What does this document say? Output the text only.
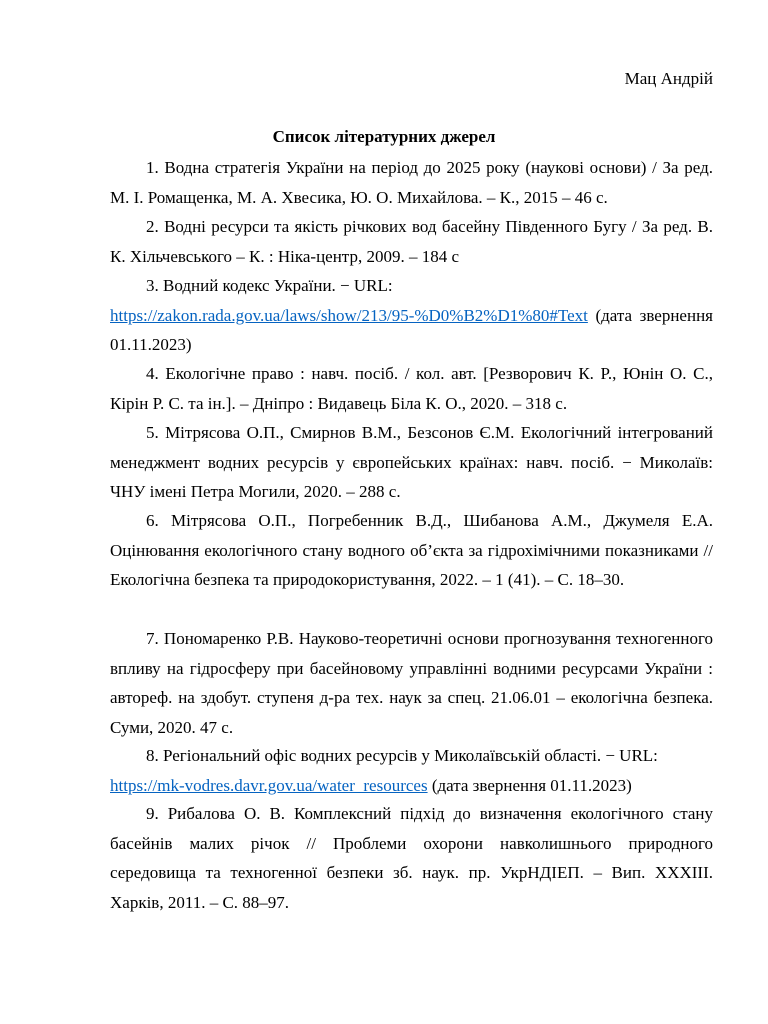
Мац Андрій
Список літературних джерел
1. Водна стратегія України на період до 2025 року (наукові основи) / За ред. М. І. Ромащенка, М. А. Хвесика, Ю. О. Михайлова. – К., 2015 – 46 с.
2. Водні ресурси та якість річкових вод басейну Південного Бугу / За ред. В. К. Хільчевського – К. : Ніка-центр, 2009. – 184 с
3. Водний кодекс України. − URL:
https://zakon.rada.gov.ua/laws/show/213/95-%D0%B2%D1%80#Text (дата звернення 01.11.2023)
4. Екологічне право : навч. посіб. / кол. авт. [Резворович К. Р., Юнін О. С., Кірін Р. С. та ін.]. – Дніпро : Видавець Біла К. О., 2020. – 318 с.
5. Мітрясова О.П., Смирнов В.М., Безсонов Є.М. Екологічний інтегрований менеджмент водних ресурсів у європейських країнах: навч. посіб. − Миколаїв: ЧНУ імені Петра Могили, 2020. – 288 с.
6. Мітрясова О.П., Погребенник В.Д., Шибанова А.М., Джумеля Е.А. Оцінювання екологічного стану водного об’єкта за гідрохімічними показниками // Екологічна безпека та природокористування, 2022. – 1 (41). – С. 18–30.
7. Пономаренко Р.В. Науково-теоретичні основи прогнозування техногенного впливу на гідросферу при басейновому управлінні водними ресурсами України : автореф. на здобут. ступеня д-ра тех. наук за спец. 21.06.01 – екологічна безпека. Суми, 2020. 47 с.
8. Регіональний офіс водних ресурсів у Миколаївській області. − URL:
https://mk-vodres.davr.gov.ua/water_resources (дата звернення 01.11.2023)
9. Рибалова О. В. Комплексний підхід до визначення екологічного стану басейнів малих річок // Проблеми охорони навколишнього природного середовища та техногенної безпеки зб. наук. пр. УкрНДІЕП. – Вип. XXXIII. Харків, 2011. – С. 88–97.
